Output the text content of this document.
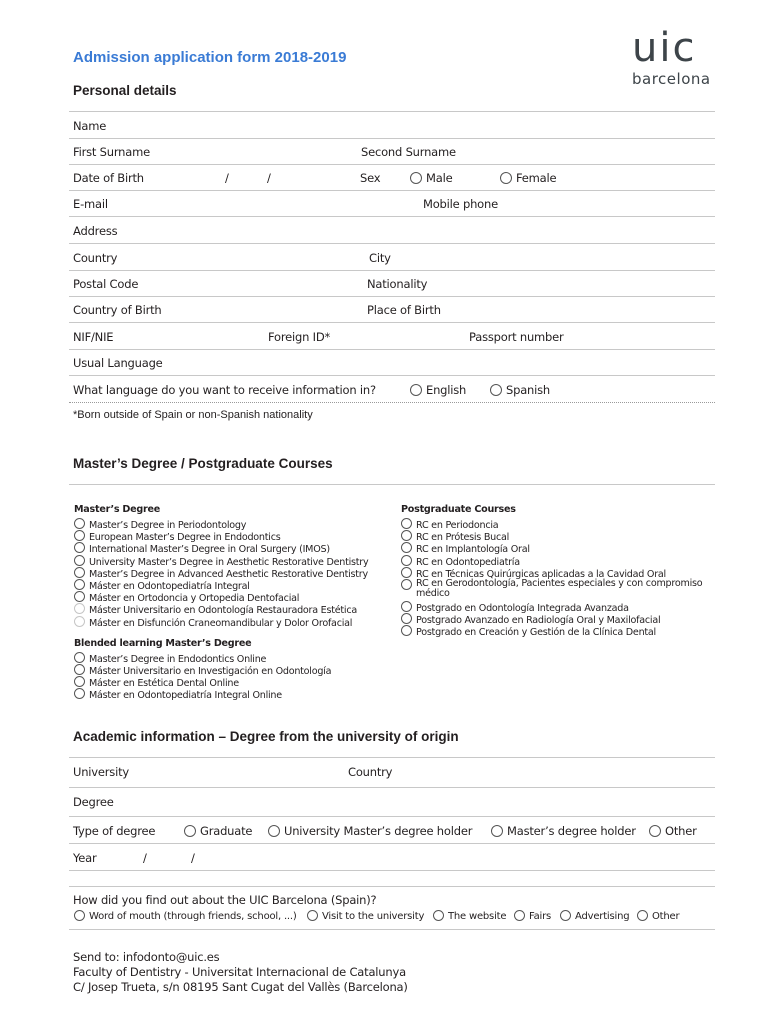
Admission application form 2018-2019	uic
barcelona
Personal details
Name
First Surname	Second Surname
Date of Birth	/	/	Sex	Male	Female
E-mail	Mobile phone
Address
Country	City
Postal Code	Nationality
Country of Birth	Place of Birth
NIF/NIE	Foreign ID*	Passport number
Usual Language
What language do you want to receive information in?	English	Spanish
*Born outside of Spain or non-Spanish nationality
Master’s Degree / Postgraduate Courses
Master’s Degree
Master’s Degree in Periodontology
European Master’s Degree in Endodontics
International Master’s Degree in Oral Surgery (IMOS)
University Master’s Degree in Aesthetic Restorative Dentistry
Master’s Degree in Advanced Aesthetic Restorative Dentistry
Máster en Odontopediatría Integral
Máster en Ortodoncia y Ortopedia Dentofacial
Máster Universitario en Odontología Restauradora Estética
Máster en Disfunción Craneomandibular y Dolor Orofacial
Blended learning Master’s Degree
Master’s Degree in Endodontics Online
Máster Universitario en Investigación en Odontología
Máster en Estética Dental Online
Máster en Odontopediatría Integral Online
Postgraduate Courses
RC en Periodoncia
RC en Prótesis Bucal
RC en Implantología Oral
RC en Odontopediatría
RC en Técnicas Quirúrgicas aplicadas a la Cavidad Oral
RC en Gerodontología, Pacientes especiales y con compromiso médico
Postgrado en Odontología Integrada Avanzada
Postgrado Avanzado en Radiología Oral y Maxilofacial
Postgrado en Creación y Gestión de la Clínica Dental
Academic information – Degree from the university of origin
University	Country
Degree
Type of degree	Graduate	University Master’s degree holder	Master’s degree holder	Other
Year	/	/
How did you find out about the UIC Barcelona (Spain)?
Word of mouth (through friends, school, ...)	Visit to the university	The website	Fairs	Advertising	Other
Send to: infodonto@uic.es
Faculty of Dentistry - Universitat Internacional de Catalunya
C/ Josep Trueta, s/n 08195 Sant Cugat del Vallès (Barcelona)
